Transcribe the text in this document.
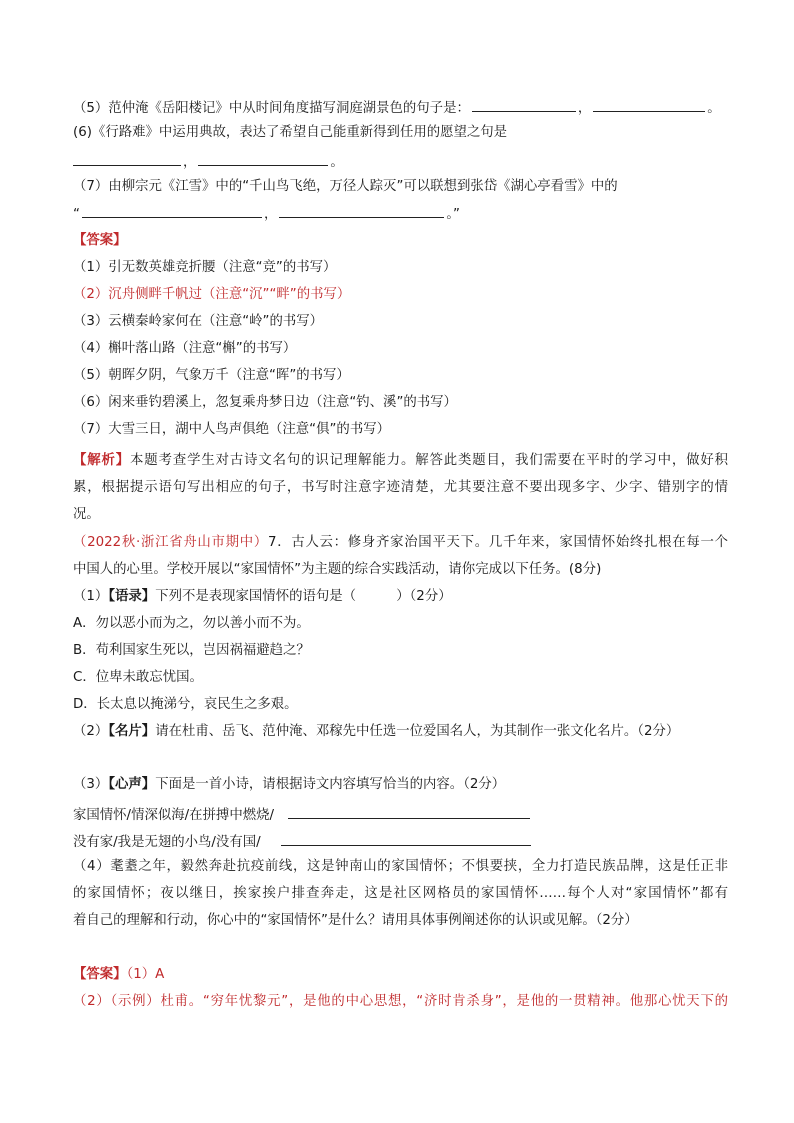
（5）范仲淹《岳阳楼记》中从时间角度描写洞庭湖景色的句子是：	，	。
(6)《行路难》中运用典故，表达了希望自己能重新得到任用的愿望之句是
，	。
（7）由柳宗元《江雪》中的“千山鸟飞绝，万径人踪灭”可以联想到张岱《湖心亭看雪》中的
“	，	。”
【答案】
（1）引无数英雄竞折腰（注意“竞”的书写）
（2）沉舟侧畔千帆过（注意“沉”“畔”的书写）
（3）云横秦岭家何在（注意“岭”的书写）
（4）槲叶落山路（注意“槲”的书写）
（5）朝晖夕阴，气象万千（注意“晖”的书写）
（6）闲来垂钓碧溪上，忽复乘舟梦日边（注意“钓、溪”的书写）
（7）大雪三日，湖中人鸟声俱绝（注意“俱”的书写）
【解析】本题考查学生对古诗文名句的识记理解能力。解答此类题目，我们需要在平时的学习中，做好积
累，根据提示语句写出相应的句子，书写时注意字迹清楚，尤其要注意不要出现多字、少字、错别字的情
况。
（2022秋·浙江省舟山市期中）7．古人云：修身齐家治国平天下。几千年来，家国情怀始终扎根在每一个
中国人的心里。学校开展以“家国情怀”为主题的综合实践活动，请你完成以下任务。(8分)
（1）【语录】下列不是表现家国情怀的语句是（　　　）（2分）
A．勿以恶小而为之，勿以善小而不为。
B．苟利国家生死以，岂因祸福避趋之？
C．位卑未敢忘忧国。
D．长太息以掩涕兮，哀民生之多艰。
（2）【名片】请在杜甫、岳飞、范仲淹、邓稼先中任选一位爱国名人，为其制作一张文化名片。（2分）
（3）【心声】下面是一首小诗，请根据诗文内容填写恰当的内容。（2分）
家国情怀/情深似海/在拼搏中燃烧/
没有家/我是无翅的小鸟/没有国/
（4）耄耋之年，毅然奔赴抗疫前线，这是钟南山的家国情怀；不惧要挟，全力打造民族品牌，这是任正非
的家国情怀；夜以继日，挨家挨户排查奔走，这是社区网格员的家国情怀……每个人对“家国情怀”都有
着自己的理解和行动，你心中的“家国情怀”是什么？请用具体事例阐述你的认识或见解。（2分）
【答案】（1）A
（2）（示例）杜甫。“穷年忧黎元”，是他的中心思想，“济时肯杀身”，是他的一贯精神。他那心忧天下的
